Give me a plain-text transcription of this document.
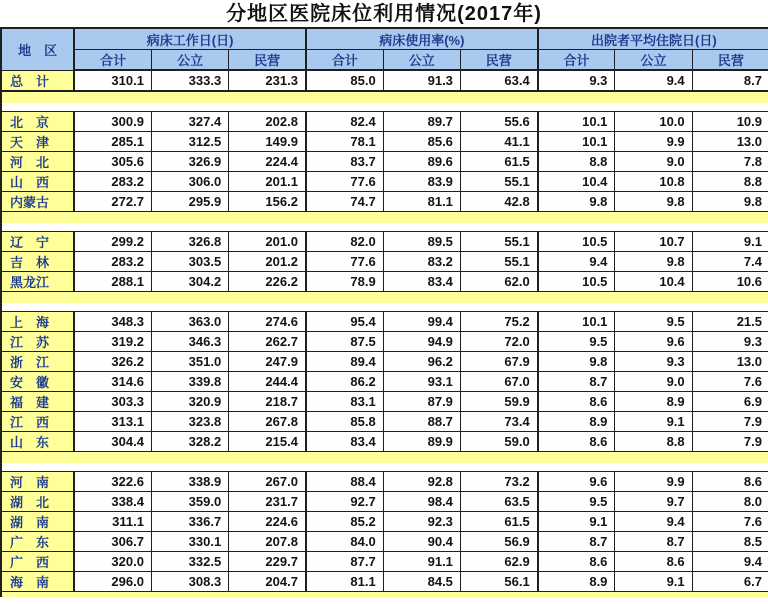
分地区医院床位利用情况(2017年)
地　区	病床工作日(日)			病床使用率(%)			出院者平均住院日(日)		
	合计	公立	民营	合计	公立	民营	合计	公立	民营
总　计	310.1	333.3	231.3	85.0	91.3	63.4	9.3	9.4	8.7

北　京	300.9	327.4	202.8	82.4	89.7	55.6	10.1	10.0	10.9
天　津	285.1	312.5	149.9	78.1	85.6	41.1	10.1	9.9	13.0
河　北	305.6	326.9	224.4	83.7	89.6	61.5	8.8	9.0	7.8
山　西	283.2	306.0	201.1	77.6	83.9	55.1	10.4	10.8	8.8
内蒙古	272.7	295.9	156.2	74.7	81.1	42.8	9.8	9.8	9.8

辽　宁	299.2	326.8	201.0	82.0	89.5	55.1	10.5	10.7	9.1
吉　林	283.2	303.5	201.2	77.6	83.2	55.1	9.4	9.8	7.4
黑龙江	288.1	304.2	226.2	78.9	83.4	62.0	10.5	10.4	10.6

上　海	348.3	363.0	274.6	95.4	99.4	75.2	10.1	9.5	21.5
江　苏	319.2	346.3	262.7	87.5	94.9	72.0	9.5	9.6	9.3
浙　江	326.2	351.0	247.9	89.4	96.2	67.9	9.8	9.3	13.0
安　徽	314.6	339.8	244.4	86.2	93.1	67.0	8.7	9.0	7.6
福　建	303.3	320.9	218.7	83.1	87.9	59.9	8.6	8.9	6.9
江　西	313.1	323.8	267.8	85.8	88.7	73.4	8.9	9.1	7.9
山　东	304.4	328.2	215.4	83.4	89.9	59.0	8.6	8.8	7.9

河　南	322.6	338.9	267.0	88.4	92.8	73.2	9.6	9.9	8.6
湖　北	338.4	359.0	231.7	92.7	98.4	63.5	9.5	9.7	8.0
湖　南	311.1	336.7	224.6	85.2	92.3	61.5	9.1	9.4	7.6
广　东	306.7	330.1	207.8	84.0	90.4	56.9	8.7	8.7	8.5
广　西	320.0	332.5	229.7	87.7	91.1	62.9	8.6	8.6	9.4
海　南	296.0	308.3	204.7	81.1	84.5	56.1	8.9	9.1	6.7
